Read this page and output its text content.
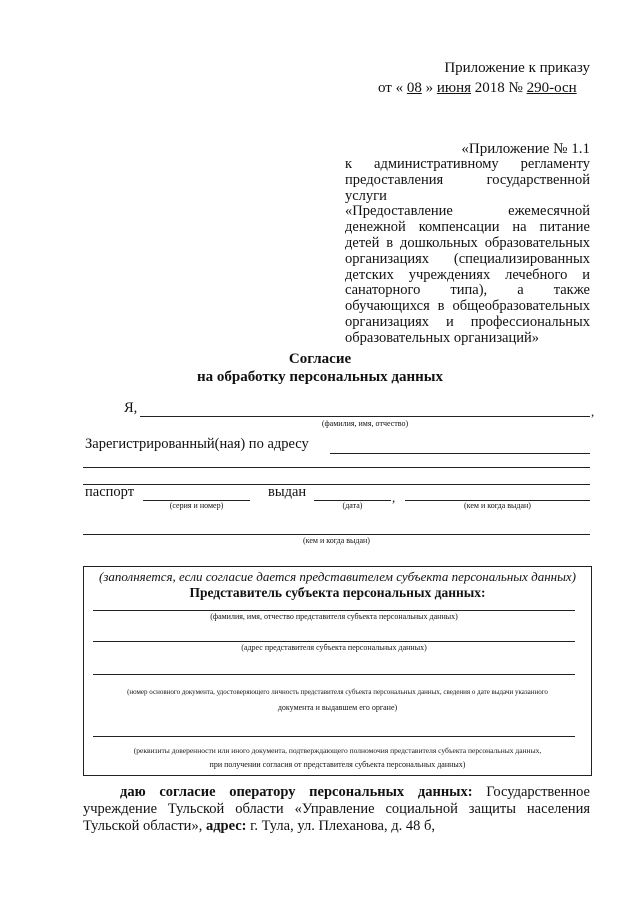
Приложение к приказу
от « 08 » июня 2018 № 290-осн
«Приложение № 1.1
к административному регламенту
предоставления государственной услуги
«Предоставление ежемесячной
денежной компенсации на питание
детей в дошкольных образовательных
организациях (специализированных
детских учреждениях лечебного и
санаторного типа), а также
обучающихся в общеобразовательных
организациях и профессиональных
образовательных организаций»
Согласие
на обработку персональных данных
Я,	,
(фамилия, имя, отчество)
Зарегистрированный(ная) по адресу
паспорт
(серия и номер)
выдан	,
(дата)	(кем и когда выдан)
(кем и когда выдан)
(заполняется, если согласие дается представителем субъекта персональных данных)
Представитель субъекта персональных данных:
(фамилия, имя, отчество представителя субъекта персональных данных)
(адрес представителя субъекта персональных данных)
(номер основного документа, удостоверяющего личность представителя субъекта персональных данных, сведения о дате выдачи указанного
документа и выдавшем его органе)
(реквизиты доверенности или иного документа, подтверждающего полномочия представителя субъекта персональных данных,
при получении согласия от представителя субъекта персональных данных)
даю согласие оператору персональных данных: Государственное
учреждение Тульской области «Управление социальной защиты населения
Тульской области», адрес: г. Тула, ул. Плеханова, д. 48 б,
